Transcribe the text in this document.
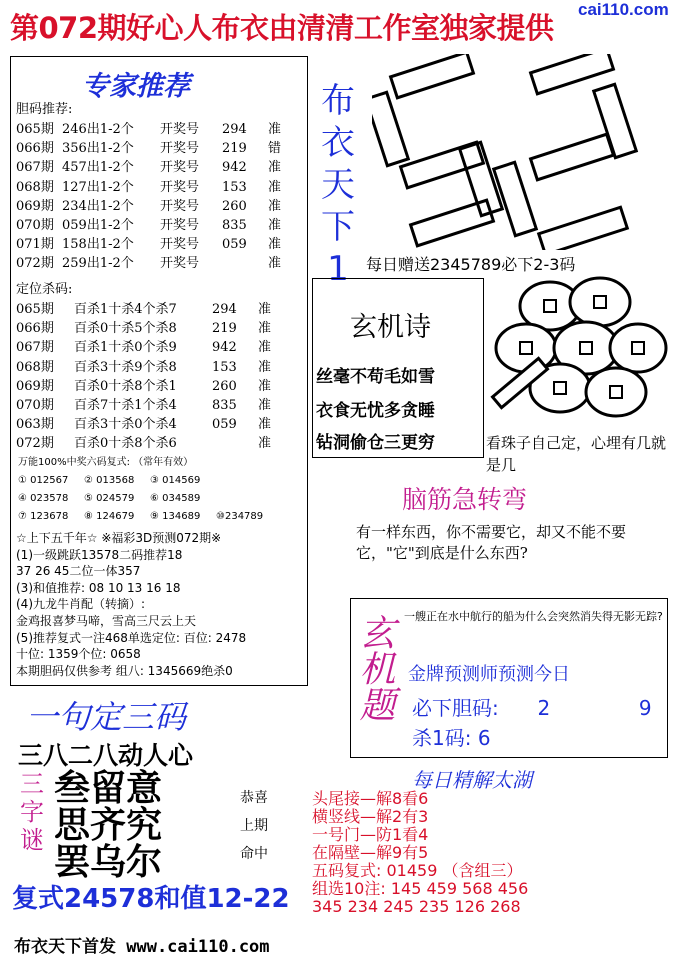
第072期好心人布衣由清清工作室独家提供
cai110.com
专家推荐
胆码推荐:
065期 246出1-2个 开奖号 294 准
066期 356出1-2个 开奖号 219 错
067期 457出1-2个 开奖号 942 准
068期 127出1-2个 开奖号 153 准
069期 234出1-2个 开奖号 260 准
070期 059出1-2个 开奖号 835 准
071期 158出1-2个 开奖号 059 准
072期 259出1-2个 开奖号	准
定位杀码:
065期 百杀1十杀4个杀7	294 准
066期 百杀0十杀5个杀8	219 准
067期 百杀1十杀0个杀9	942 准
068期 百杀3十杀9个杀8	153 准
069期 百杀0十杀8个杀1	260 准
070期 百杀7十杀1个杀4	835 准
063期 百杀3十杀0个杀4	059 准
072期 百杀0十杀8个杀6	准
万能100%中奖六码复式: （常年有效）
① 012567 ② 013568 ③ 014569
④ 023578 ⑤ 024579 ⑥ 034589
⑦ 123678 ⑧ 124679 ⑨ 134689 ⑩234789
☆上下五千年☆ ※福彩3D预测072期※
(1)一级跳跃13578二码推荐18
37 26 45二位一体357
(3)和值推荐: 08 10 13 16 18
(4)九龙牛肖配（转摘）:
金鸡报喜梦马啼，雪高三尺云上天
(5)推荐复式一注468单选定位: 百位: 2478
十位: 1359个位: 0658
本期胆码仅供参考 组八: 1345669绝杀0
布
衣
天
下
1	每日赠送2345789必下2-3码
玄机诗
丝毫不苟毛如雪
衣食无忧多贪睡
钻洞偷仓三更穷	看珠子自己定，心埋有几就是几
脑筋急转弯
有一样东西，你不需要它，却又不能不要它，"它"到底是什么东西?
玄机题 一艘正在水中航行的船为什么会突然消失得无影无踪?
金牌预测师预测今日
必下胆码: 2	9
杀1码: 6
每日精解太湖
头尾接—解8看6
横竖线—解2有3
一号门—防1看4
在隔壁—解9有5
五码复式: 01459 （含组三）
组选10注: 145 459 568 456
345 234 245 235 126 268
一句定三码
三八二八动人心
三
字
谜
叁留意
思齐究
罢乌尔
恭喜
上期
命中
复式24578和值12-22
布衣天下首发 www.cai110.com
